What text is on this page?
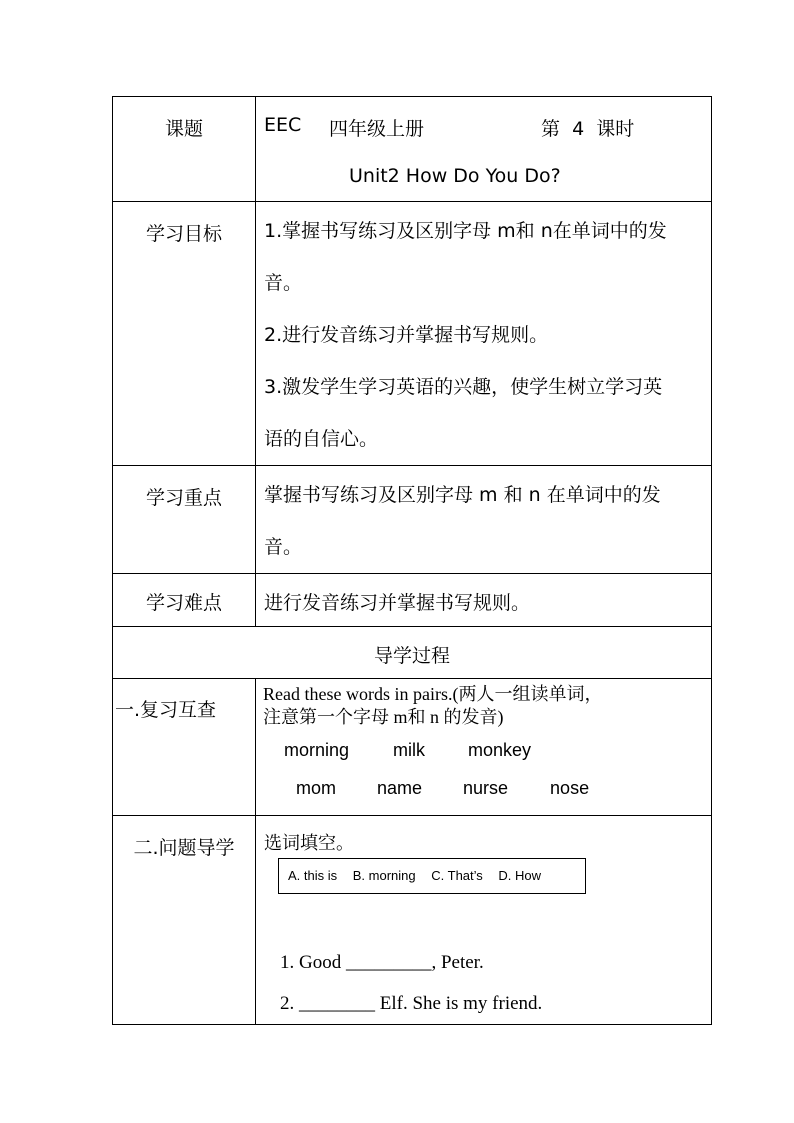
课题	EEC 四年级上册 第  4  课时
Unit2 How Do You Do?

学习目标	1.掌握书写练习及区别字母 m和 n在单词中的发
音。
2.进行发音练习并掌握书写规则。
3.激发学生学习英语的兴趣，使学生树立学习英
语的自信心。

学习重点	掌握书写练习及区别字母 m 和 n 在单词中的发
音。

学习难点	进行发音练习并掌握书写规则。

导学过程	

一.复习互查	Read these words in pairs.(两人一组读单词，
注意第一个字母 m和 n 的发音)
morning milk monkey
mom name nurse nose

二.问题导学	选词填空。
A. this is B. morning C. That’s D. How
1. Good _________, Peter.
2. ________ Elf. She is my friend.
